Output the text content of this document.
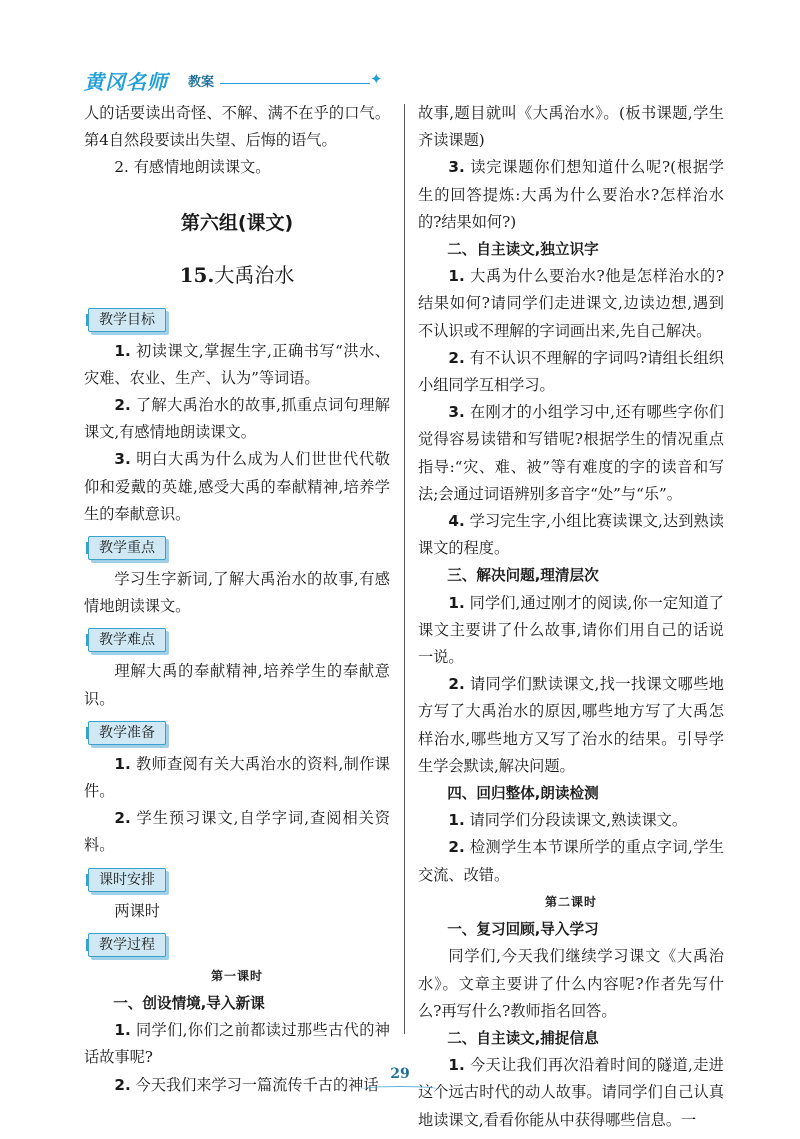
黄冈名师 教案	✦

人的话要读出奇怪、不解、满不在乎的口气。第4自然段要读出失望、后悔的语气。

2. 有感情地朗读课文。

第六组(课文)
15.大禹治水
教学目标

1. 初读课文,掌握生字,正确书写“洪水、灾难、农业、生产、认为”等词语。

2. 了解大禹治水的故事,抓重点词句理解课文,有感情地朗读课文。

3. 明白大禹为什么成为人们世世代代敬仰和爱戴的英雄,感受大禹的奉献精神,培养学生的奉献意识。

教学重点

学习生字新词,了解大禹治水的故事,有感情地朗读课文。

教学难点

理解大禹的奉献精神,培养学生的奉献意识。

教学准备

1. 教师查阅有关大禹治水的资料,制作课件。

2. 学生预习课文,自学字词,查阅相关资料。

课时安排

两课时

教学过程

第一课时

一、创设情境,导入新课

1. 同学们,你们之前都读过那些古代的神话故事呢?

2. 今天我们来学习一篇流传千古的神话

故事,题目就叫《大禹治水》。(板书课题,学生齐读课题)

3. 读完课题你们想知道什么呢?(根据学生的回答提炼:大禹为什么要治水?怎样治水的?结果如何?)

二、自主读文,独立识字

1. 大禹为什么要治水?他是怎样治水的?结果如何?请同学们走进课文,边读边想,遇到不认识或不理解的字词画出来,先自己解决。

2. 有不认识不理解的字词吗?请组长组织小组同学互相学习。

3. 在刚才的小组学习中,还有哪些字你们觉得容易读错和写错呢?根据学生的情况重点指导:“灾、难、被”等有难度的字的读音和写法;会通过词语辨别多音字“处”与“乐”。

4. 学习完生字,小组比赛读课文,达到熟读课文的程度。

三、解决问题,理清层次

1. 同学们,通过刚才的阅读,你一定知道了课文主要讲了什么故事,请你们用自己的话说一说。

2. 请同学们默读课文,找一找课文哪些地方写了大禹治水的原因,哪些地方写了大禹怎样治水,哪些地方又写了治水的结果。引导学生学会默读,解决问题。

四、回归整体,朗读检测

1. 请同学们分段读课文,熟读课文。

2. 检测学生本节课所学的重点字词,学生交流、改错。

第二课时

一、复习回顾,导入学习

同学们,今天我们继续学习课文《大禹治水》。文章主要讲了什么内容呢?作者先写什么?再写什么?教师指名回答。

二、自主读文,捕捉信息

1. 今天让我们再次沿着时间的隧道,走进这个远古时代的动人故事。请同学们自己认真地读课文,看看你能从中获得哪些信息。一

29
